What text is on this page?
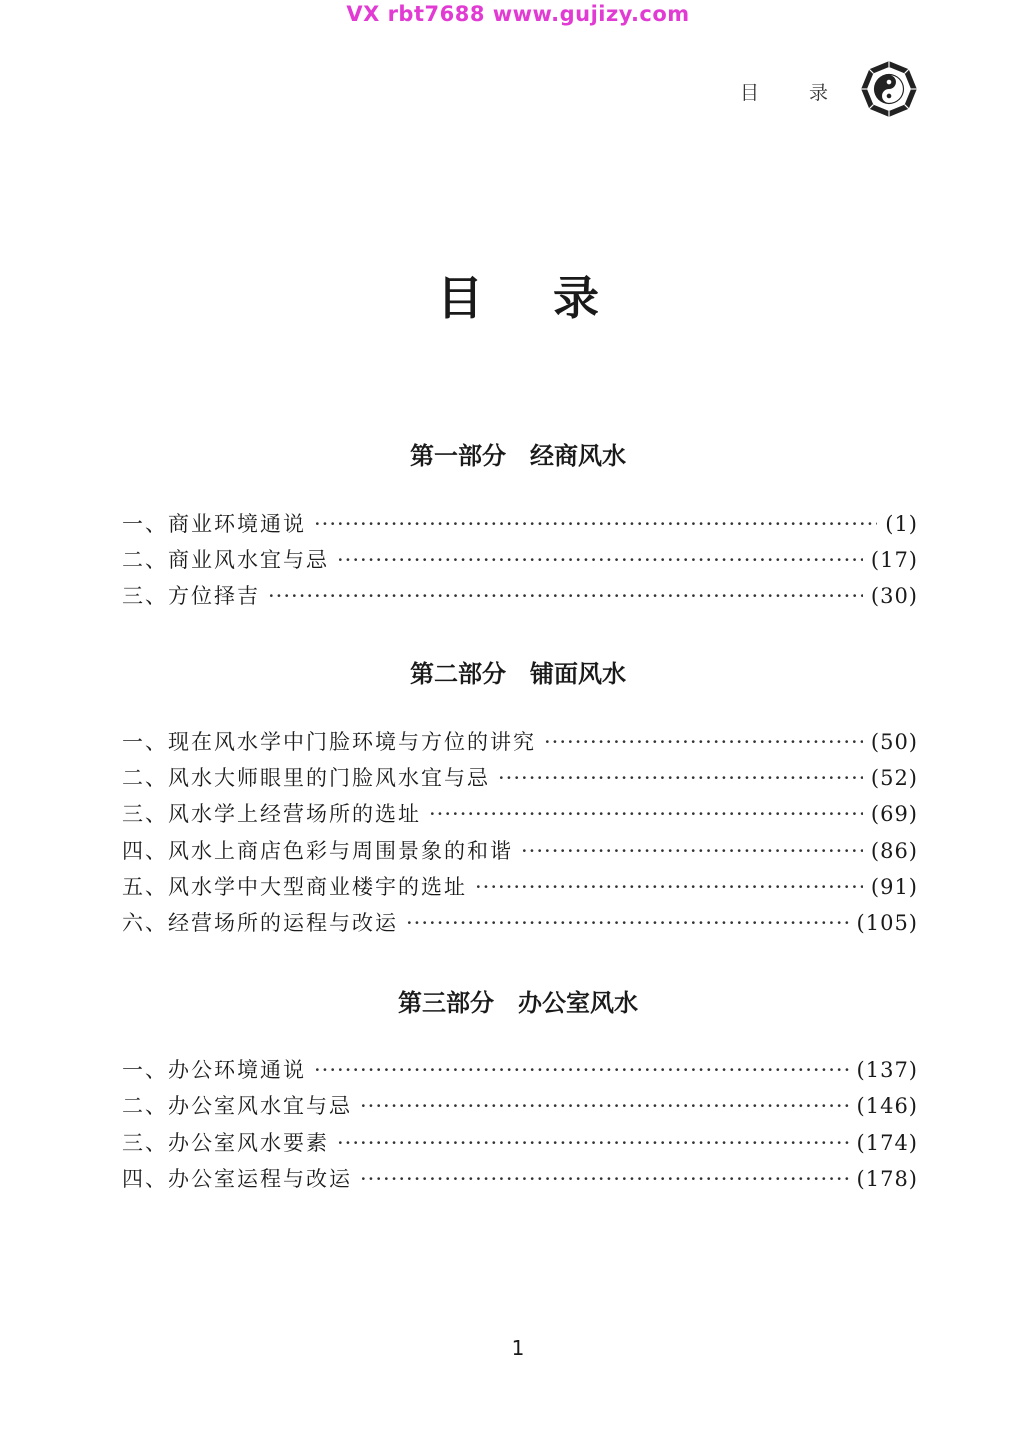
VX rbt7688 www.gujizy.com
目	录
目录
第一部分　经商风水
一、商业环境通说 ·····	(1)
二、商业风水宜与忌 ·····	(17)
三、方位择吉 ·····	(30)
第二部分　铺面风水
一、现在风水学中门脸环境与方位的讲究 ·····	(50)
二、风水大师眼里的门脸风水宜与忌 ·····	(52)
三、风水学上经营场所的选址 ·····	(69)
四、风水上商店色彩与周围景象的和谐 ·····	(86)
五、风水学中大型商业楼宇的选址 ·····	(91)
六、经营场所的运程与改运 ·····	(105)
第三部分　办公室风水
一、办公环境通说 ·····	(137)
二、办公室风水宜与忌 ·····	(146)
三、办公室风水要素 ·····	(174)
四、办公室运程与改运 ·····	(178)
1
